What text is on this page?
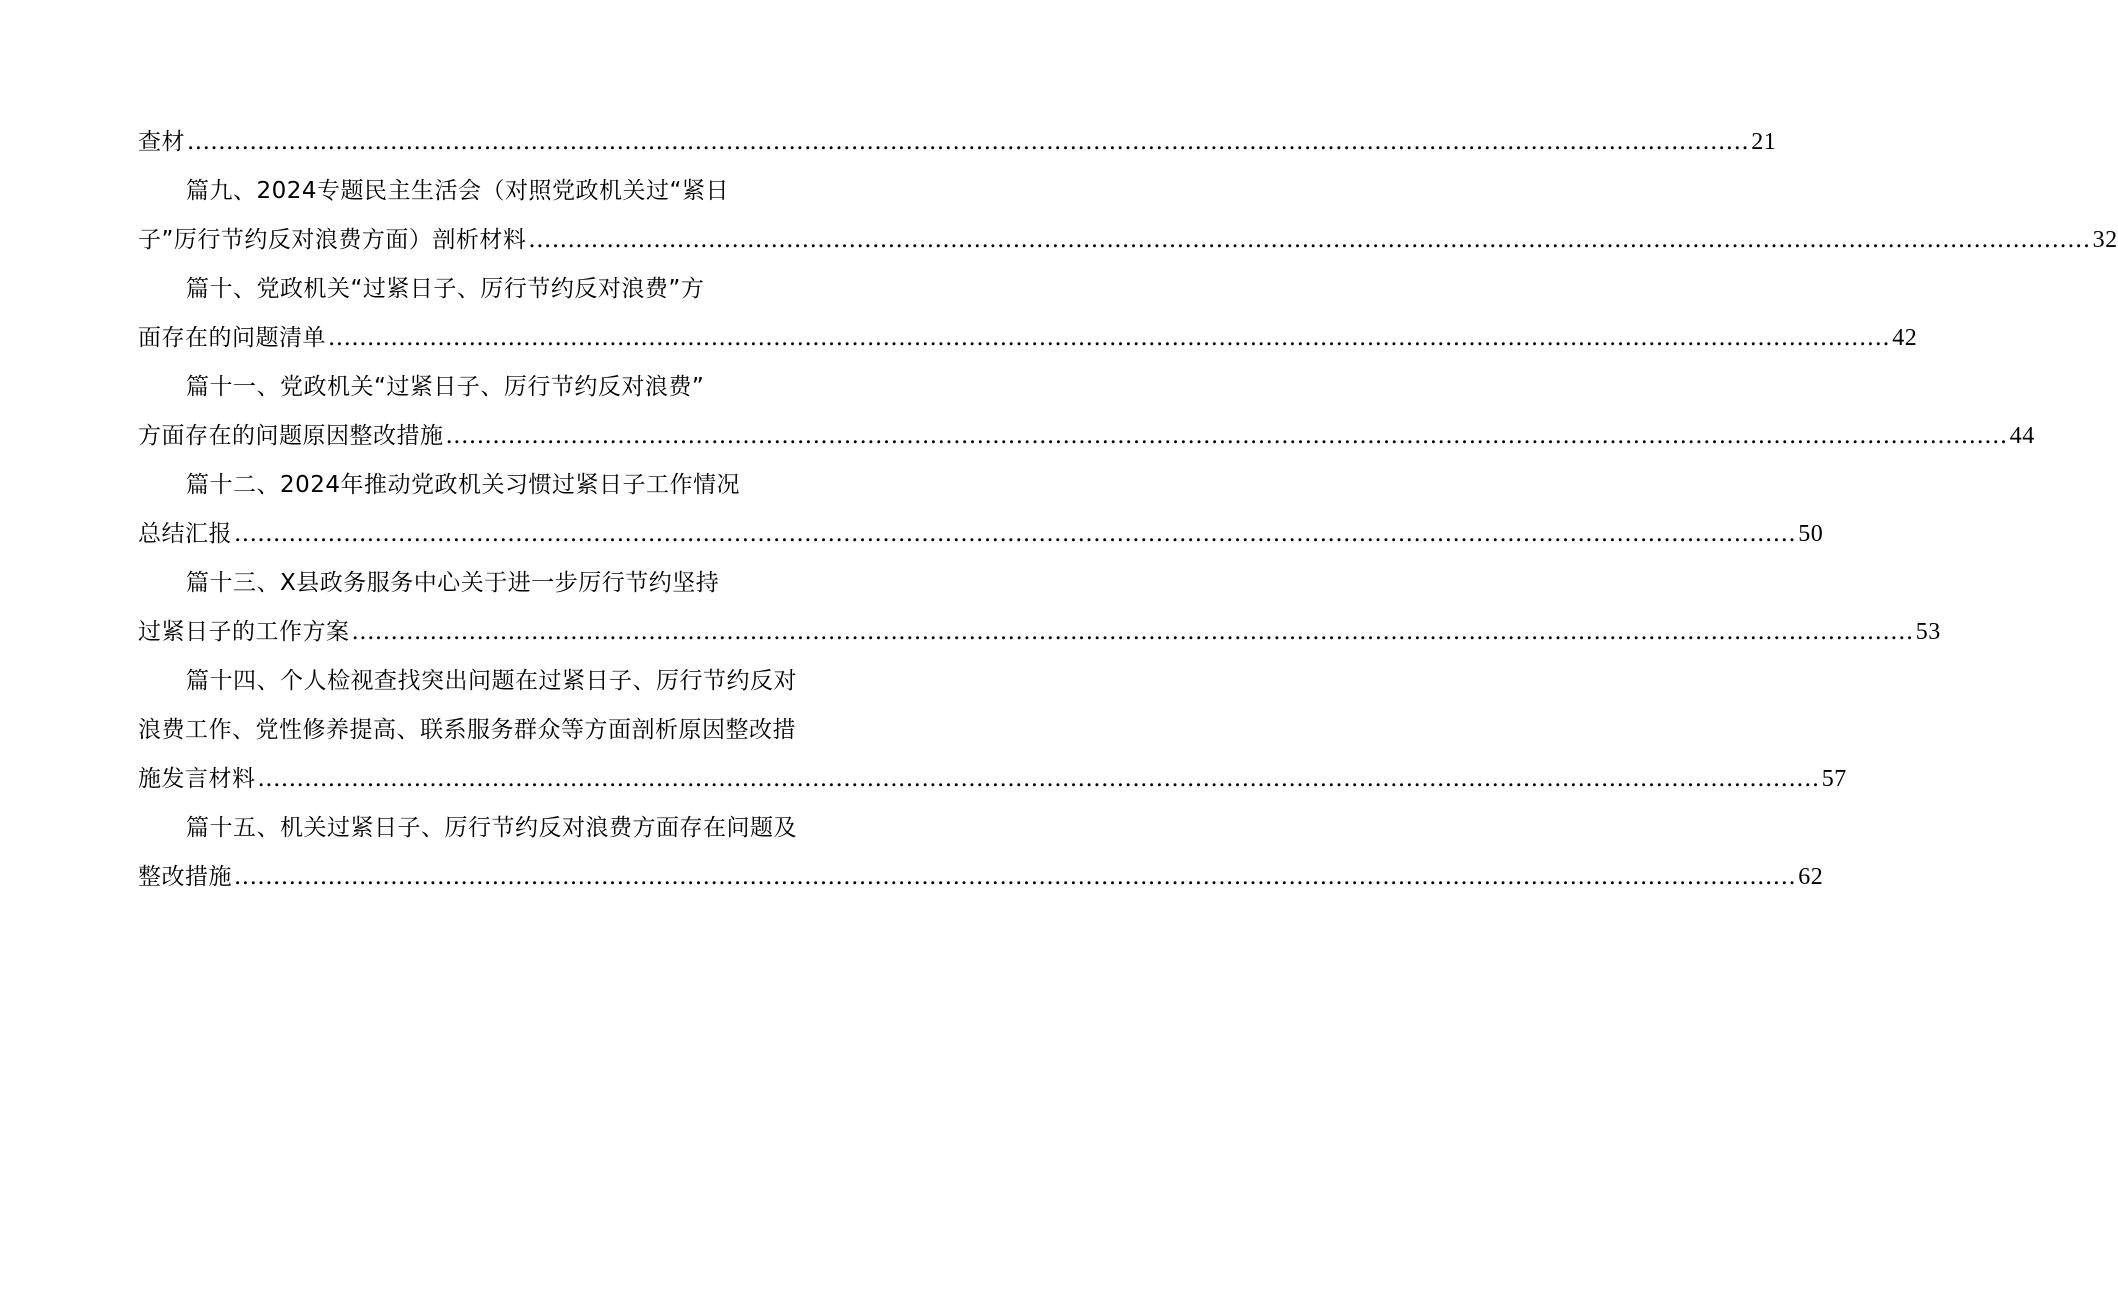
查材 ........................................................................................................................................................................................................ 21
篇九、2024专题民主生活会（对照党政机关过“紧日
子”厉行节约反对浪费方面）剖析材料 ........................................................................................................................................................................................................ 32
篇十、党政机关“过紧日子、厉行节约反对浪费”方
面存在的问题清单 ........................................................................................................................................................................................................ 42
篇十一、党政机关“过紧日子、厉行节约反对浪费”
方面存在的问题原因整改措施 ........................................................................................................................................................................................................ 44
篇十二、2024年推动党政机关习惯过紧日子工作情况
总结汇报 ........................................................................................................................................................................................................ 50
篇十三、X县政务服务中心关于进一步厉行节约坚持
过紧日子的工作方案 ........................................................................................................................................................................................................ 53
篇十四、个人检视查找突出问题在过紧日子、厉行节约反对
浪费工作、党性修养提高、联系服务群众等方面剖析原因整改措
施发言材料 ........................................................................................................................................................................................................ 57
篇十五、机关过紧日子、厉行节约反对浪费方面存在问题及
整改措施 ........................................................................................................................................................................................................ 62
